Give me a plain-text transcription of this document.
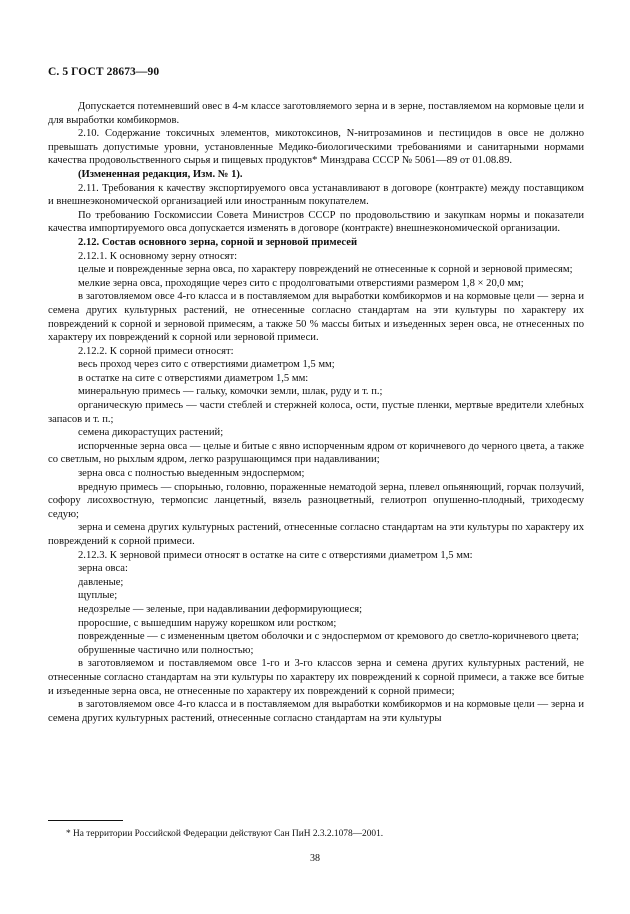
С. 5 ГОСТ 28673—90

Допускается потемневший овес в 4-м классе заготовляемого зерна и в зерне, поставляемом на кормовые цели и для выработки комбикормов.

2.10. Содержание токсичных элементов, микотоксинов, N-нитрозаминов и пестицидов в овсе не должно превышать допустимые уровни, установленные Медико-биологическими требованиями и санитарными нормами качества продовольственного сырья и пищевых продуктов* Минздрава СССР № 5061—89 от 01.08.89.

(Измененная редакция, Изм. № 1).

2.11. Требования к качеству экспортируемого овса устанавливают в договоре (контракте) между поставщиком и внешнеэкономической организацией или иностранным покупателем.

По требованию Госкомиссии Совета Министров СССР по продовольствию и закупкам нормы и показатели качества импортируемого овса допускается изменять в договоре (контракте) внешнеэкономической организации.

2.12. Состав основного зерна, сорной и зерновой примесей

2.12.1. К основному зерну относят:

целые и поврежденные зерна овса, по характеру повреждений не отнесенные к сорной и зерновой примесям;

мелкие зерна овса, проходящие через сито с продолговатыми отверстиями размером 1,8 × 20,0 мм;

в заготовляемом овсе 4-го класса и в поставляемом для выработки комбикормов и на кормовые цели — зерна и семена других культурных растений, не отнесенные согласно стандартам на эти культуры по характеру их повреждений к сорной и зерновой примесям, а также 50 % массы битых и изъеденных зерен овса, не отнесенных по характеру их повреждений к сорной или зерновой примеси.

2.12.2. К сорной примеси относят:

весь проход через сито с отверстиями диаметром 1,5 мм;

в остатке на сите с отверстиями диаметром 1,5 мм:

минеральную примесь — гальку, комочки земли, шлак, руду и т. п.;

органическую примесь — части стеблей и стержней колоса, ости, пустые пленки, мертвые вредители хлебных запасов и т. п.;

семена дикорастущих растений;

испорченные зерна овса — целые и битые с явно испорченным ядром от коричневого до черного цвета, а также со светлым, но рыхлым ядром, легко разрушающимся при надавливании;

зерна овса с полностью выеденным эндоспермом;

вредную примесь — спорынью, головню, пораженные нематодой зерна, плевел опьяняющий, горчак ползучий, софору лисохвостную, термопсис ланцетный, вязель разноцветный, гелиотроп опушенно-плодный, триходесму седую;

зерна и семена других культурных растений, отнесенные согласно стандартам на эти культуры по характеру их повреждений к сорной примеси.

2.12.3. К зерновой примеси относят в остатке на сите с отверстиями диаметром 1,5 мм:

зерна овса:

давленые;

щуплые;

недозрелые — зеленые, при надавливании деформирующиеся;

проросшие, с вышедшим наружу корешком или ростком;

поврежденные — с измененным цветом оболочки и с эндоспермом от кремового до светло-коричневого цвета;

обрушенные частично или полностью;

в заготовляемом и поставляемом овсе 1-го и 3-го классов зерна и семена других культурных растений, не отнесенные согласно стандартам на эти культуры по характеру их повреждений к сорной примеси, а также все битые и изъеденные зерна овса, не отнесенные по характеру их повреждений к сорной примеси;

в заготовляемом овсе 4-го класса и в поставляемом для выработки комбикормов и на кормовые цели — зерна и семена других культурных растений, отнесенные согласно стандартам на эти культуры

* На территории Российской Федерации действуют Сан ПиН 2.3.2.1078—2001.
38
